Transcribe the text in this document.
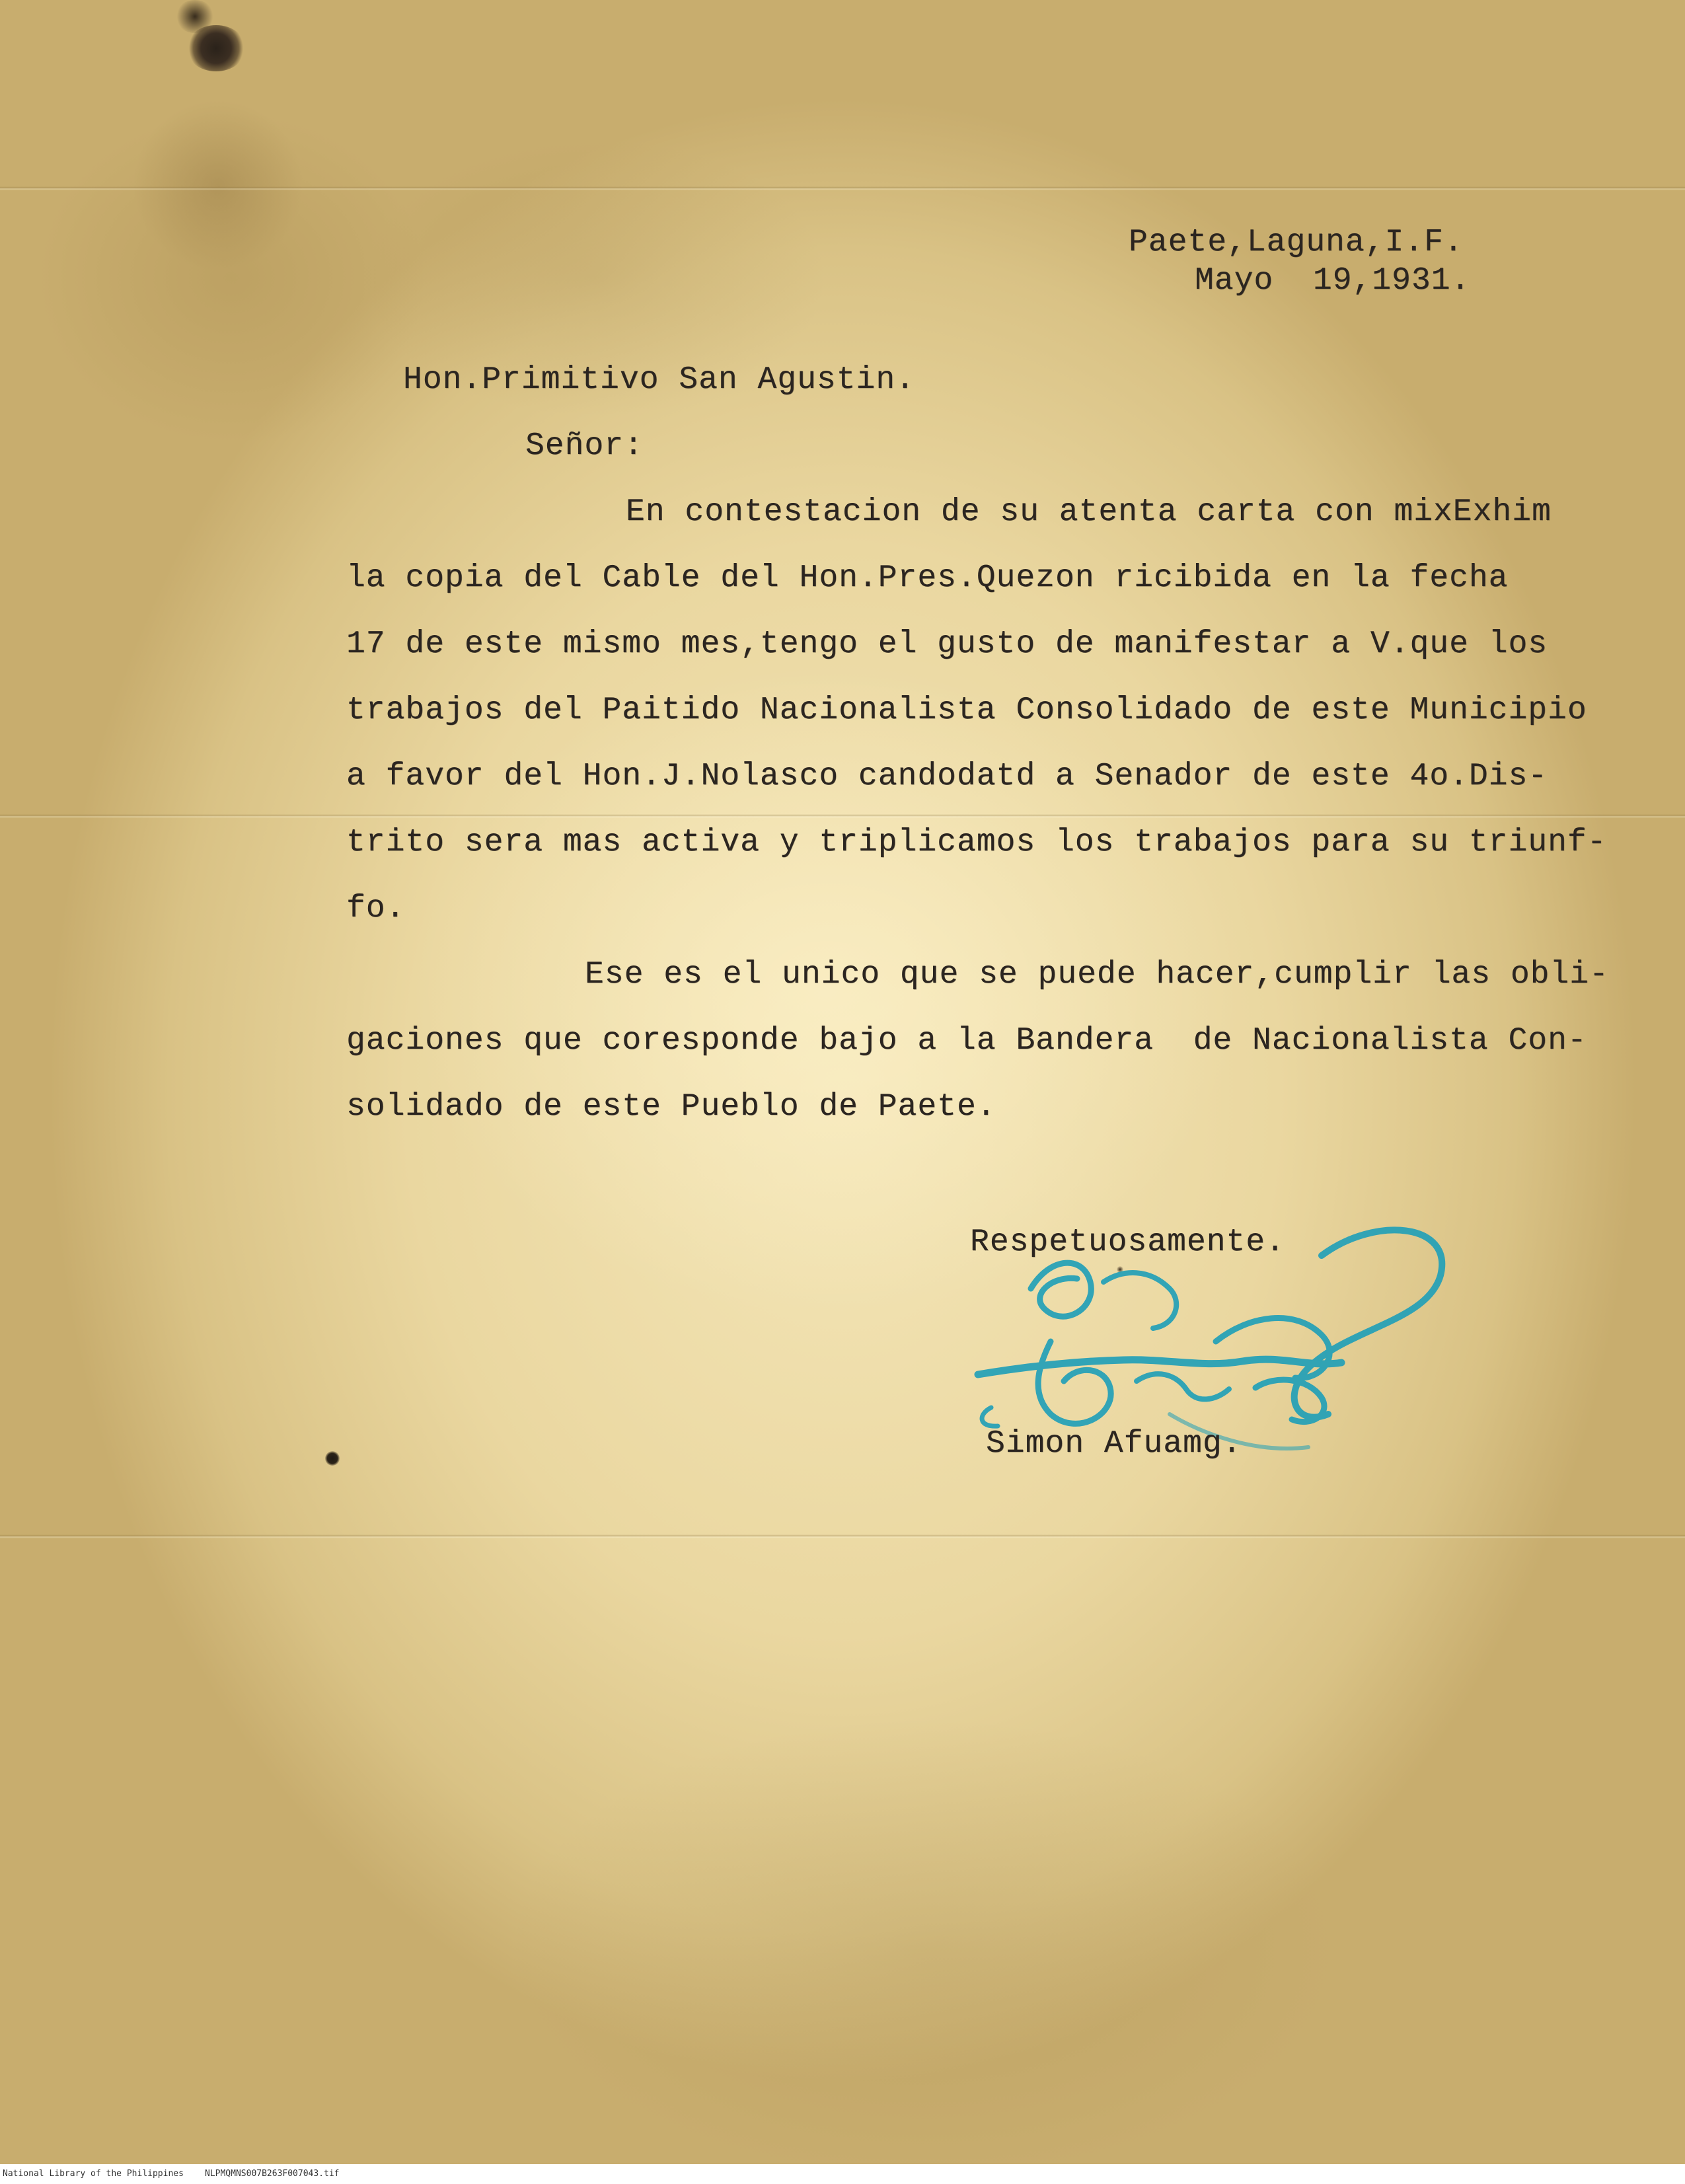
Paete,Laguna,I.F.
Mayo  19,1931.
Hon.Primitivo San Agustin.
Señor:
En contestacion de su atenta carta con mixExhim
la copia del Cable del Hon.Pres.Quezon ricibida en la fecha
17 de este mismo mes,tengo el gusto de manifestar a V.que los
trabajos del Paitido Nacionalista Consolidado de este Municipio
a favor del Hon.J.Nolasco candodatd a Senador de este 4o.Dis-
trito sera mas activa y triplicamos los trabajos para su triunf-
fo.
Ese es el unico que se puede hacer,cumplir las obli-
gaciones que coresponde bajo a la Bandera  de Nacionalista Con-
solidado de este Pueblo de Paete.
Respetuosamente.
Simon Afuamg.
National Library of the Philippines NLPMQMNS007B263F007043.tif
